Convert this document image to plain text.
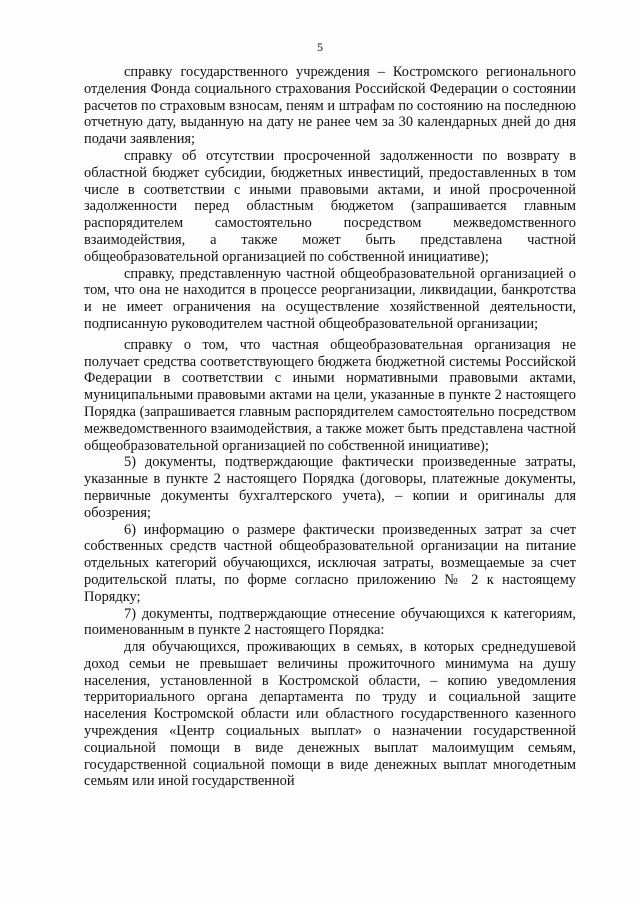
5

справку государственного учреждения – Костромского регионального отделения Фонда социального страхования Российской Федерации о состоянии расчетов по страховым взносам, пеням и штрафам по состоянию на последнюю отчетную дату, выданную на дату не ранее чем за 30 календарных дней до дня подачи заявления;

справку об отсутствии просроченной задолженности по возврату в областной бюджет субсидии, бюджетных инвестиций, предоставленных в том числе в соответствии с иными правовыми актами, и иной просроченной задолженности перед областным бюджетом (запрашивается главным распорядителем самостоятельно посредством межведомственного взаимодействия, а также может быть представлена частной общеобразовательной организацией по собственной инициативе);

справку, представленную частной общеобразовательной организацией о том, что она не находится в процессе реорганизации, ликвидации, банкротства и не имеет ограничения на осуществление хозяйственной деятельности, подписанную руководителем частной общеобразовательной организации;

справку о том, что частная общеобразовательная организация не получает средства соответствующего бюджета бюджетной системы Российской Федерации в соответствии с иными нормативными правовыми актами, муниципальными правовыми актами на цели, указанные в пункте 2 настоящего Порядка (запрашивается главным распорядителем самостоятельно посредством межведомственного взаимодействия, а также может быть представлена частной общеобразовательной организацией по собственной инициативе);

5) документы, подтверждающие фактически произведенные затраты, указанные в пункте 2 настоящего Порядка (договоры, платежные документы, первичные документы бухгалтерского учета), – копии и оригиналы для обозрения;

6) информацию о размере фактически произведенных затрат за счет собственных средств частной общеобразовательной организации на питание отдельных категорий обучающихся, исключая затраты, возмещаемые за счет родительской платы, по форме согласно приложению № 2 к настоящему Порядку;

7) документы, подтверждающие отнесение обучающихся к категориям, поименованным в пункте 2 настоящего Порядка:

для обучающихся, проживающих в семьях, в которых среднедушевой доход семьи не превышает величины прожиточного минимума на душу населения, установленной в Костромской области, – копию уведомления территориального органа департамента по труду и социальной защите населения Костромской области или областного государственного казенного учреждения «Центр социальных выплат» о назначении государственной социальной помощи в виде денежных выплат малоимущим семьям, государственной социальной помощи в виде денежных выплат многодетным семьям или иной государственной
